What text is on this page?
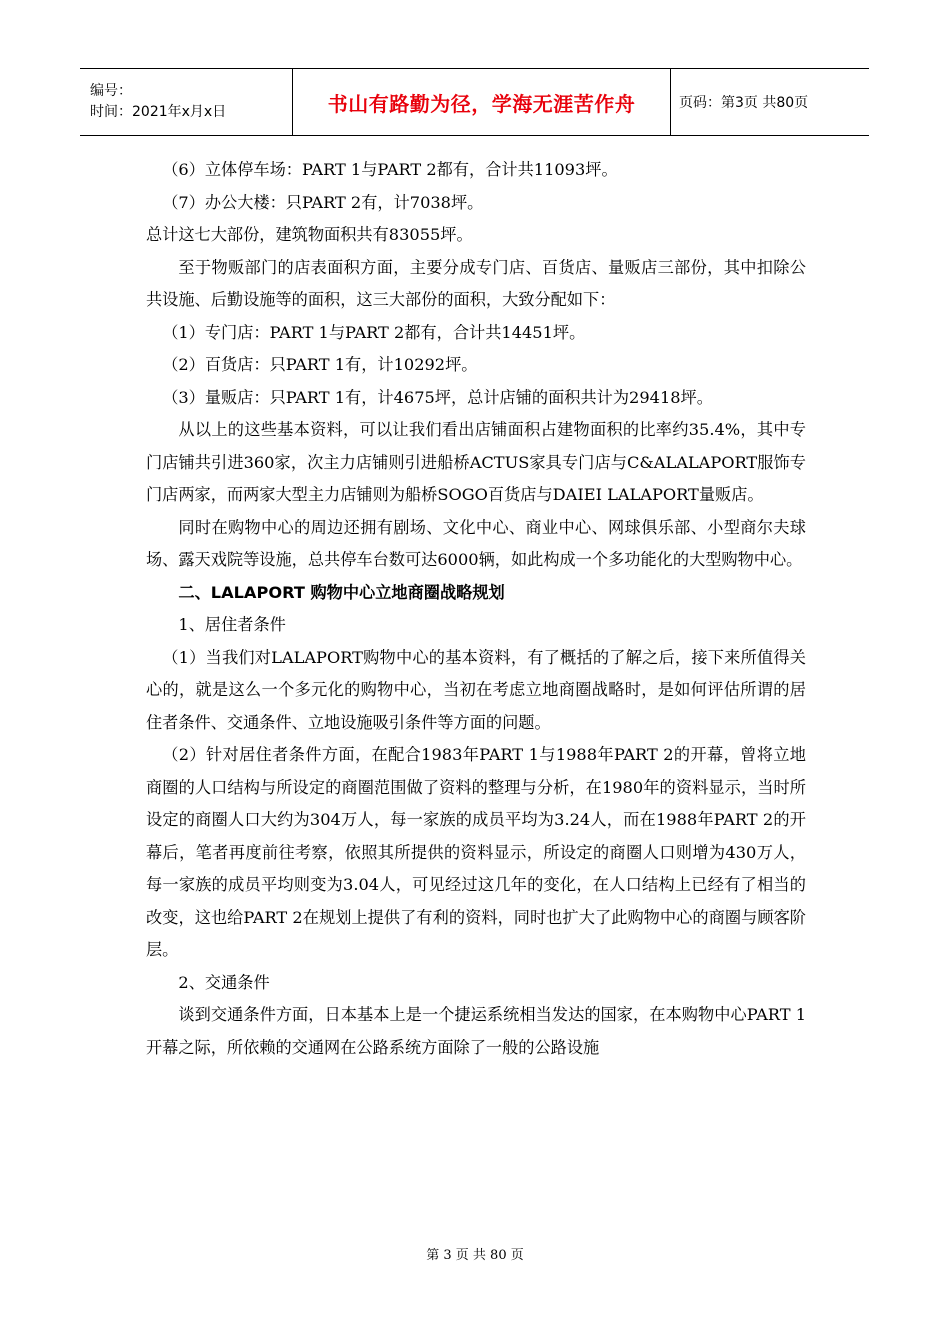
编号：
时间：2021年x月x日	书山有路勤为径，学海无涯苦作舟	页码：第3页 共80页

（6）立体停车场：PART 1与PART 2都有，合计共11093坪。

（7）办公大楼：只PART 2有，计7038坪。

总计这七大部份，建筑物面积共有83055坪。

至于物贩部门的店表面积方面，主要分成专门店、百货店、量贩店三部份，其中扣除公共设施、后勤设施等的面积，这三大部份的面积，大致分配如下：

（1）专门店：PART 1与PART 2都有，合计共14451坪。

（2）百货店：只PART 1有，计10292坪。

（3）量贩店：只PART 1有，计4675坪，总计店铺的面积共计为29418坪。

从以上的这些基本资料，可以让我们看出店铺面积占建物面积的比率约35.4%，其中专门店铺共引进360家，次主力店铺则引进船桥ACTUS家具专门店与C&ALALAPORT服饰专门店两家，而两家大型主力店铺则为船桥SOGO百货店与DAIEI LALAPORT量贩店。

同时在购物中心的周边还拥有剧场、文化中心、商业中心、网球俱乐部、小型商尔夫球场、露天戏院等设施，总共停车台数可达6000辆，如此构成一个多功能化的大型购物中心。

二、LALAPORT 购物中心立地商圈战略规划

1、居住者条件

（1）当我们对LALAPORT购物中心的基本资料，有了概括的了解之后，接下来所值得关心的，就是这么一个多元化的购物中心，当初在考虑立地商圈战略时，是如何评估所谓的居住者条件、交通条件、立地设施吸引条件等方面的问题。

（2）针对居住者条件方面，在配合1983年PART 1与1988年PART 2的开幕，曾将立地商圈的人口结构与所设定的商圈范围做了资料的整理与分析，在1980年的资料显示，当时所设定的商圈人口大约为304万人，每一家族的成员平均为3.24人，而在1988年PART 2的开幕后，笔者再度前往考察，依照其所提供的资料显示，所设定的商圈人口则增为430万人，每一家族的成员平均则变为3.04人，可见经过这几年的变化，在人口结构上已经有了相当的改变，这也给PART 2在规划上提供了有利的资料，同时也扩大了此购物中心的商圈与顾客阶层。

2、交通条件

谈到交通条件方面，日本基本上是一个捷运系统相当发达的国家，在本购物中心PART 1开幕之际，所依赖的交通网在公路系统方面除了一般的公路设施

第 3 页 共 80 页
